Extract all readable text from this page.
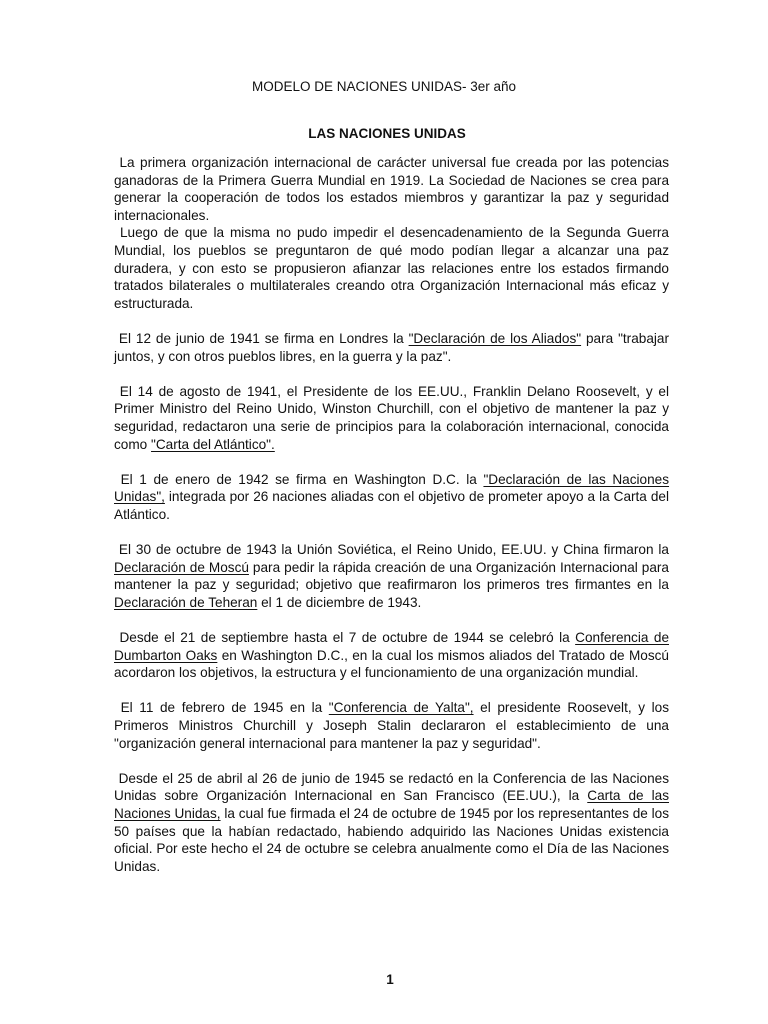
MODELO DE NACIONES UNIDAS- 3er año
LAS NACIONES UNIDAS

La primera organización internacional de carácter universal fue creada por las potencias ganadoras de la Primera Guerra Mundial en 1919. La Sociedad de Naciones se crea para generar la cooperación de todos los estados miembros y garantizar la paz y seguridad internacionales.

Luego de que la misma no pudo impedir el desencadenamiento de la Segunda Guerra Mundial, los pueblos se preguntaron de qué modo podían llegar a alcanzar una paz duradera, y con esto se propusieron afianzar las relaciones entre los estados firmando tratados bilaterales o multilaterales creando otra Organización Internacional más eficaz y estructurada.

El 12 de junio de 1941 se firma en Londres la "Declaración de los Aliados" para "trabajar juntos, y con otros pueblos libres, en la guerra y la paz".

El 14 de agosto de 1941, el Presidente de los EE.UU., Franklin Delano Roosevelt, y el Primer Ministro del Reino Unido, Winston Churchill, con el objetivo de mantener la paz y seguridad, redactaron una serie de principios para la colaboración internacional, conocida como "Carta del Atlántico".

El 1 de enero de 1942 se firma en Washington D.C. la "Declaración de las Naciones Unidas", integrada por 26 naciones aliadas con el objetivo de prometer apoyo a la Carta del Atlántico.

El 30 de octubre de 1943 la Unión Soviética, el Reino Unido, EE.UU. y China firmaron la Declaración de Moscú para pedir la rápida creación de una Organización Internacional para mantener la paz y seguridad; objetivo que reafirmaron los primeros tres firmantes en la Declaración de Teheran el 1 de diciembre de 1943.

Desde el 21 de septiembre hasta el 7 de octubre de 1944 se celebró la Conferencia de Dumbarton Oaks en Washington D.C., en la cual los mismos aliados del Tratado de Moscú acordaron los objetivos, la estructura y el funcionamiento de una organización mundial.

El 11 de febrero de 1945 en la "Conferencia de Yalta", el presidente Roosevelt, y los Primeros Ministros Churchill y Joseph Stalin declararon el establecimiento de una "organización general internacional para mantener la paz y seguridad".

Desde el 25 de abril al 26 de junio de 1945 se redactó en la Conferencia de las Naciones Unidas sobre Organización Internacional en San Francisco (EE.UU.), la Carta de las Naciones Unidas, la cual fue firmada el 24 de octubre de 1945 por los representantes de los 50 países que la habían redactado, habiendo adquirido las Naciones Unidas existencia oficial. Por este hecho el 24 de octubre se celebra anualmente como el Día de las Naciones Unidas.

1
